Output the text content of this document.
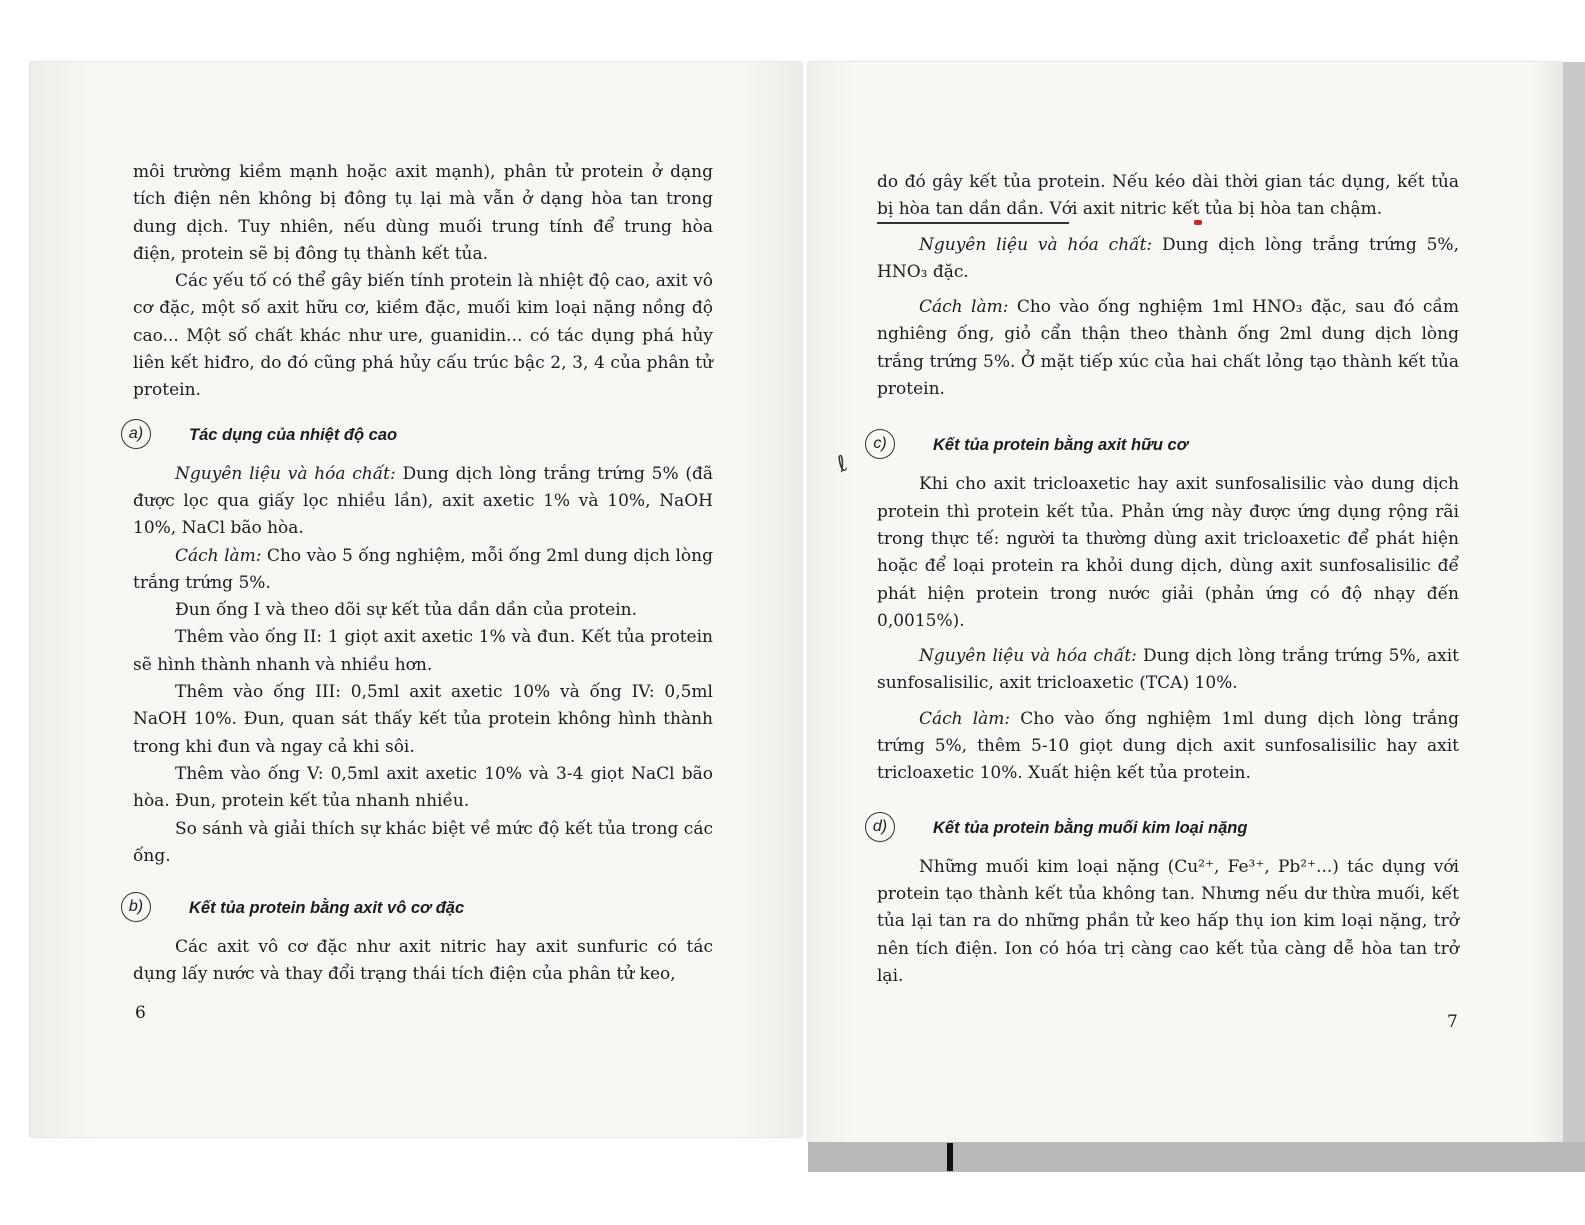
môi trường kiềm mạnh hoặc axit mạnh), phân tử protein ở dạng tích điện nên không bị đông tụ lại mà vẫn ở dạng hòa tan trong dung dịch. Tuy nhiên, nếu dùng muối trung tính để trung hòa điện, protein sẽ bị đông tụ thành kết tủa.

Các yếu tố có thể gây biến tính protein là nhiệt độ cao, axit vô cơ đặc, một số axit hữu cơ, kiềm đặc, muối kim loại nặng nồng độ cao... Một số chất khác như ure, guanidin... có tác dụng phá hủy liên kết hiđro, do đó cũng phá hủy cấu trúc bậc 2, 3, 4 của phân tử protein.

a)	Tác dụng của nhiệt độ cao

Nguyên liệu và hóa chất: Dung dịch lòng trắng trứng 5% (đã được lọc qua giấy lọc nhiều lần), axit axetic 1% và 10%, NaOH 10%, NaCl bão hòa.

Cách làm: Cho vào 5 ống nghiệm, mỗi ống 2ml dung dịch lòng trắng trứng 5%.

Đun ống I và theo dõi sự kết tủa dần dần của protein.

Thêm vào ống II: 1 giọt axit axetic 1% và đun. Kết tủa protein sẽ hình thành nhanh và nhiều hơn.

Thêm vào ống III: 0,5ml axit axetic 10% và ống IV: 0,5ml NaOH 10%. Đun, quan sát thấy kết tủa protein không hình thành trong khi đun và ngay cả khi sôi.

Thêm vào ống V: 0,5ml axit axetic 10% và 3-4 giọt NaCl bão hòa. Đun, protein kết tủa nhanh nhiều.

So sánh và giải thích sự khác biệt về mức độ kết tủa trong các ống.

b)	Kết tủa protein bằng axit vô cơ đặc

Các axit vô cơ đặc như axit nitric hay axit sunfuric có tác dụng lấy nước và thay đổi trạng thái tích điện của phân tử keo,

6

do đó gây kết tủa protein. Nếu kéo dài thời gian tác dụng, kết tủa bị hòa tan dần dần. Với axit nitric kết tủa bị hòa tan chậm.

Nguyên liệu và hóa chất: Dung dịch lòng trắng trứng 5%, HNO₃ đặc.

Cách làm: Cho vào ống nghiệm 1ml HNO₃ đặc, sau đó cầm nghiêng ống, giỏ cẩn thận theo thành ống 2ml dung dịch lòng trắng trứng 5%. Ở mặt tiếp xúc của hai chất lỏng tạo thành kết tủa protein.

c)	Kết tủa protein bằng axit hữu cơ

Khi cho axit tricloaxetic hay axit sunfosalisilic vào dung dịch protein thì protein kết tủa. Phản ứng này được ứng dụng rộng rãi trong thực tế: người ta thường dùng axit tricloaxetic để phát hiện hoặc để loại protein ra khỏi dung dịch, dùng axit sunfosalisilic để phát hiện protein trong nước giải (phản ứng có độ nhạy đến 0,0015%).

Nguyên liệu và hóa chất: Dung dịch lòng trắng trứng 5%, axit sunfosalisilic, axit tricloaxetic (TCA) 10%.

Cách làm: Cho vào ống nghiệm 1ml dung dịch lòng trắng trứng 5%, thêm 5-10 giọt dung dịch axit sunfosalisilic hay axit tricloaxetic 10%. Xuất hiện kết tủa protein.

d)	Kết tủa protein bằng muối kim loại nặng

Những muối kim loại nặng (Cu²⁺, Fe³⁺, Pb²⁺...) tác dụng với protein tạo thành kết tủa không tan. Nhưng nếu dư thừa muối, kết tủa lại tan ra do những phần tử keo hấp thụ ion kim loại nặng, trở nên tích điện. Ion có hóa trị càng cao kết tủa càng dễ hòa tan trở lại.

7
ℓ
